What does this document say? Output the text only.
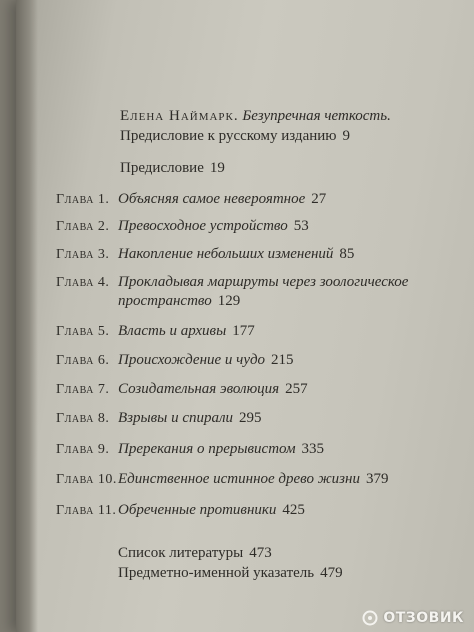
Елена Наймарк. Безупречная четкость.
Предисловие к русскому изданию 9
Предисловие 19
Глава 1. Объясняя самое невероятное 27
Глава 2. Превосходное устройство 53
Глава 3. Накопление небольших изменений 85
Глава 4. Прокладывая маршруты через зоологическое
пространство 129
Глава 5. Власть и архивы 177
Глава 6. Происхождение и чудо 215
Глава 7. Созидательная эволюция 257
Глава 8. Взрывы и спирали 295
Глава 9. Пререкания о прерывистом 335
Глава 10. Единственное истинное древо жизни 379
Глава 11. Обреченные противники 425
Список литературы 473
Предметно-именной указатель 479
ОТЗОВИК
